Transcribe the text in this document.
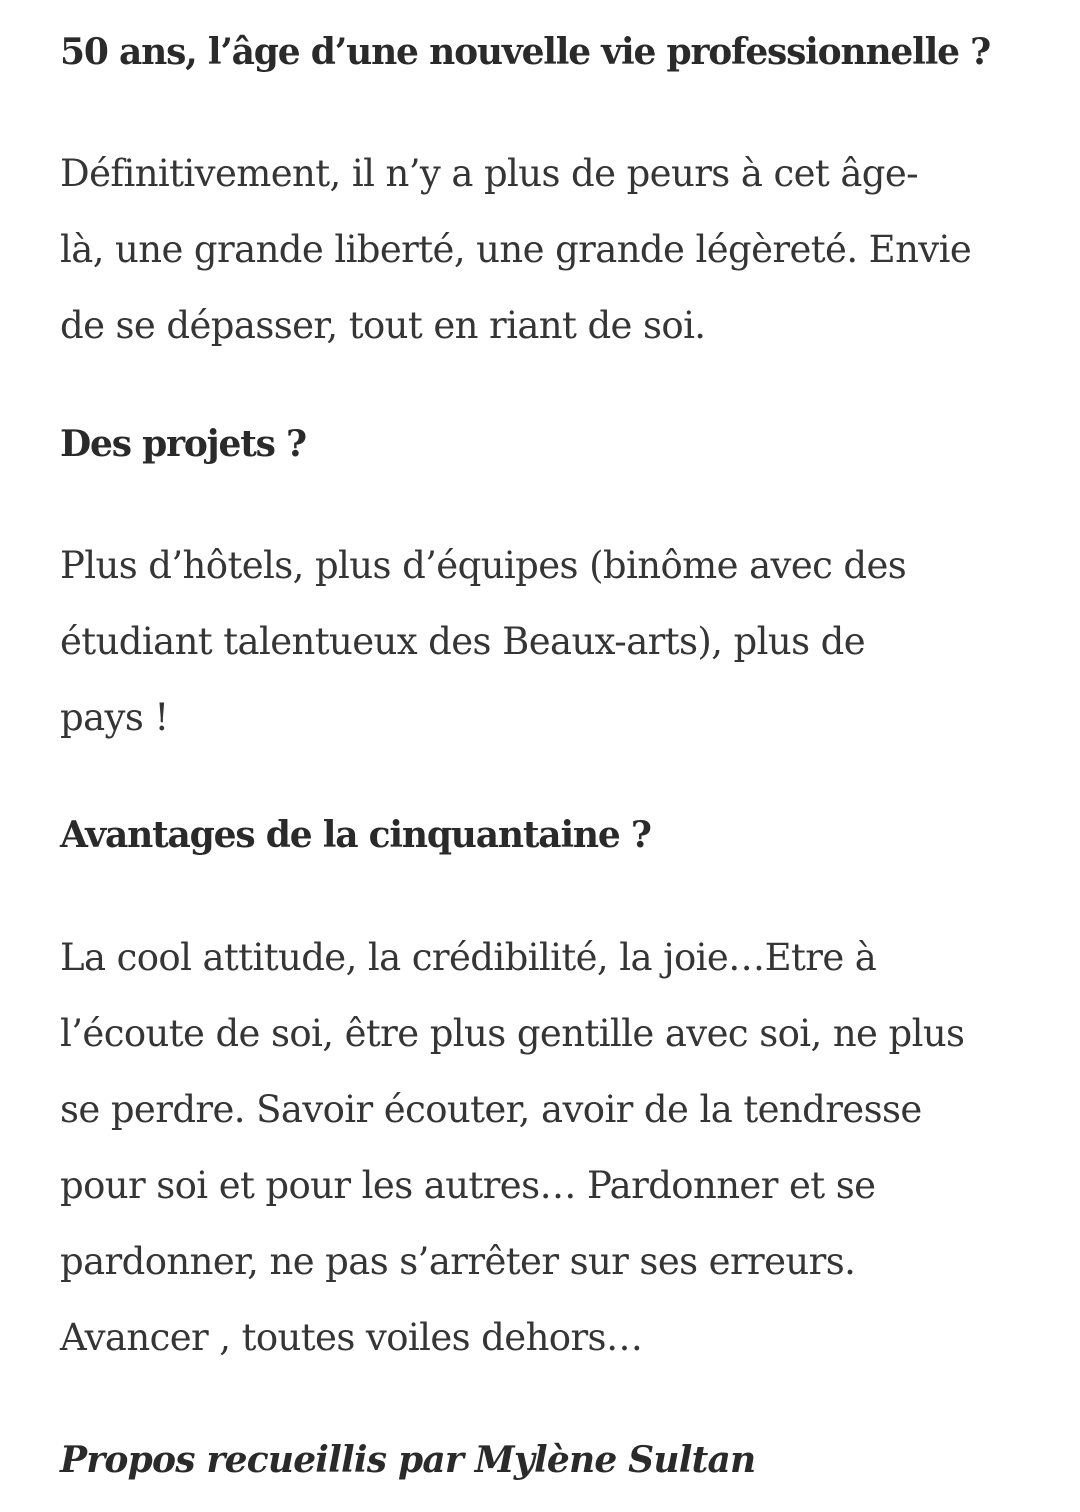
50 ans, l’âge d’une nouvelle vie professionnelle ?

Définitivement, il n’y a plus de peurs à cet âge-
là, une grande liberté, une grande légèreté. Envie
de se dépasser, tout en riant de soi.

Des projets ?

Plus d’hôtels, plus d’équipes (binôme avec des
étudiant talentueux des Beaux-arts), plus de
pays !

Avantages de la cinquantaine ?

La cool attitude, la crédibilité, la joie…Etre à
l’écoute de soi, être plus gentille avec soi, ne plus
se perdre. Savoir écouter, avoir de la tendresse
pour soi et pour les autres… Pardonner et se
pardonner, ne pas s’arrêter sur ses erreurs.
Avancer , toutes voiles dehors…

Propos recueillis par Mylène Sultan
